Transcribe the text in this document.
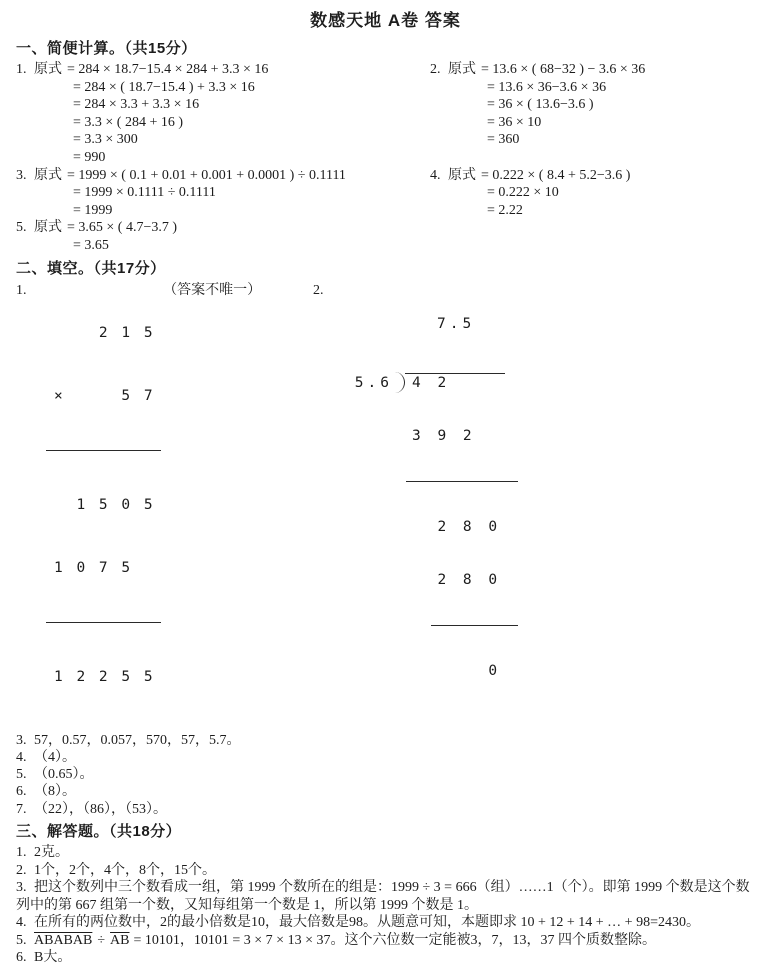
数感天地 A卷 答案
一、简便计算。（共15分）
1. 原式 = 284 × 18.7−15.4 × 284 + 3.3 × 16
= 284 × ( 18.7−15.4 ) + 3.3 × 16
= 284 × 3.3 + 3.3 × 16
= 3.3 × ( 284 + 16 )
= 3.3 × 300
= 990
3. 原式 = 1999 × ( 0.1 + 0.01 + 0.001 + 0.0001 ) ÷ 0.1111
= 1999 × 0.1111 ÷ 0.1111
= 1999
5. 原式 = 3.65 × ( 4.7−3.7 )
= 3.65
2. 原式 = 13.6 × ( 68−32 ) − 3.6 × 36
= 13.6 × 36−3.6 × 36
= 36 × ( 13.6−3.6 )
= 36 × 10
= 360
4. 原式 = 0.222 × ( 8.4 + 5.2−3.6 )
= 0.222 × 10
= 2.22
二、填空。（共17分）
1.

2 1 5

×     5 7

1 5 0 5

1 0 7 5

1 2 2 5 5

（答案不唯一）	2.

7.5

5.6	4 2

3 9 2

2 8 0

2 8 0

0

3. 57，0.57，0.057，570，57，5.7。
4. （4）。
5. （0.65）。
6. （8）。
7. （22），（86），（53）。
三、解答题。（共18分）
1. 2克。
2. 1个，2个，4个，8个，15个。
3. 把这个数列中三个数看成一组，第 1999 个数所在的组是：1999 ÷ 3 = 666（组）……1（个）。即第 1999 个数是这个数列中的第 667 组第一个数，又知每组第一个数是 1，所以第 1999 个数是 1。
4. 在所有的两位数中，2的最小倍数是10，最大倍数是98。从题意可知，本题即求 10 + 12 + 14 + … + 98=2430。
5. ABABAB ÷ $\overline{AB} = 10101$，10101 = 3 × 7 × 13 × 37。这个六位数一定能被3，7，13，37 四个质数整除。
6. B大。
